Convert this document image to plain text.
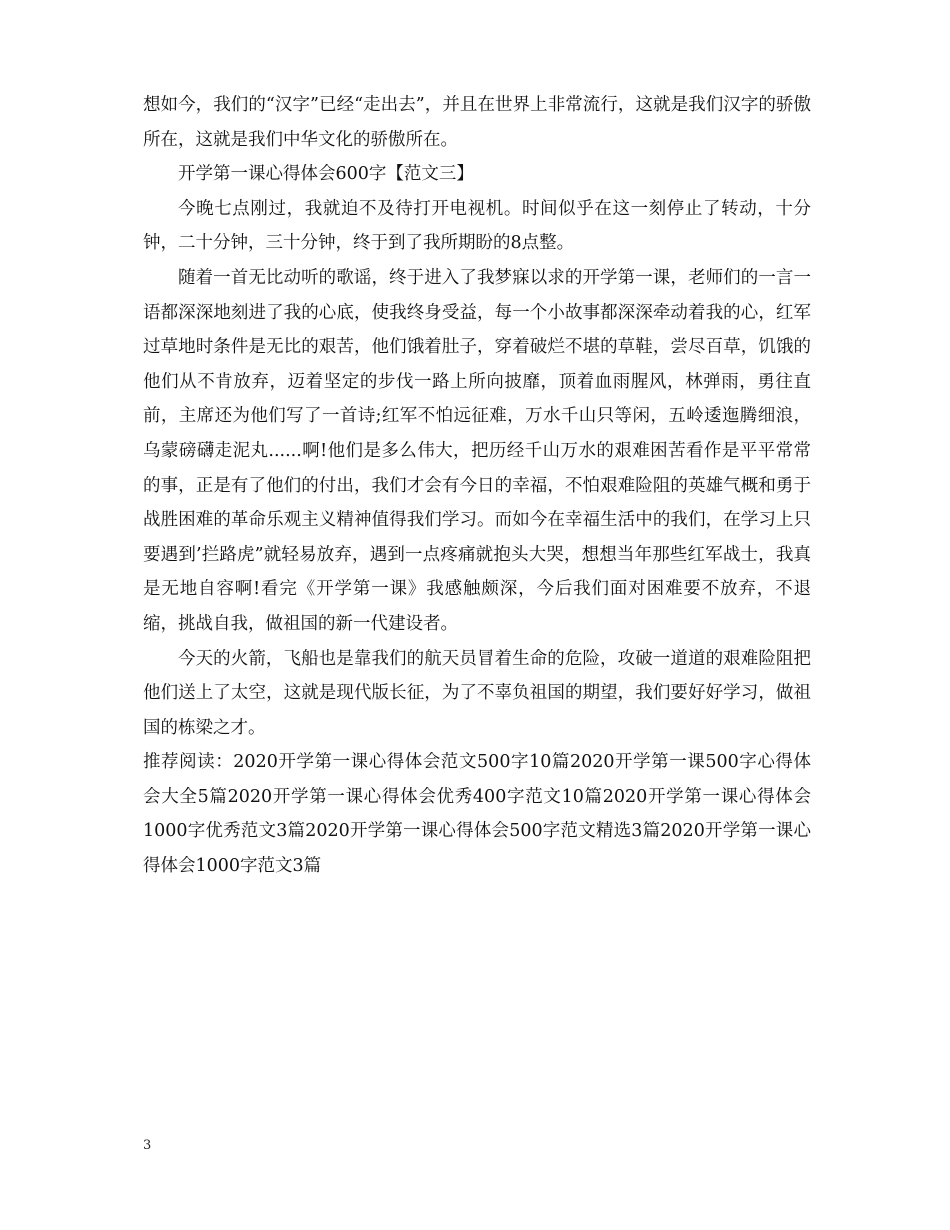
想如今，我们的“汉字”已经“走出去”，并且在世界上非常流行，这就是我们汉字的骄傲所在，这就是我们中华文化的骄傲所在。

开学第一课心得体会600字【范文三】

今晚七点刚过，我就迫不及待打开电视机。时间似乎在这一刻停止了转动，十分钟，二十分钟，三十分钟，终于到了我所期盼的8点整。

随着一首无比动听的歌谣，终于进入了我梦寐以求的开学第一课，老师们的一言一语都深深地刻进了我的心底，使我终身受益，每一个小故事都深深牵动着我的心，红军过草地时条件是无比的艰苦，他们饿着肚子，穿着破烂不堪的草鞋，尝尽百草，饥饿的他们从不肯放弃，迈着坚定的步伐一路上所向披靡，顶着血雨腥风，林弹雨，勇往直前，主席还为他们写了一首诗;红军不怕远征难，万水千山只等闲，五岭逶迤腾细浪，乌蒙磅礴走泥丸......啊!他们是多么伟大，把历经千山万水的艰难困苦看作是平平常常的事，正是有了他们的付出，我们才会有今日的幸福，不怕艰难险阻的英雄气概和勇于战胜困难的革命乐观主义精神值得我们学习。而如今在幸福生活中的我们，在学习上只要遇到’拦路虎”就轻易放弃，遇到一点疼痛就抱头大哭，想想当年那些红军战士，我真是无地自容啊!看完《开学第一课》我感触颇深，今后我们面对困难要不放弃，不退缩，挑战自我，做祖国的新一代建设者。

今天的火箭，飞船也是靠我们的航天员冒着生命的危险，攻破一道道的艰难险阻把他们送上了太空，这就是现代版长征，为了不辜负祖国的期望，我们要好好学习，做祖国的栋梁之才。

推荐阅读：2020开学第一课心得体会范文500字10篇2020开学第一课500字心得体会大全5篇2020开学第一课心得体会优秀400字范文10篇2020开学第一课心得体会1000字优秀范文3篇2020开学第一课心得体会500字范文精选3篇2020开学第一课心得体会1000字范文3篇

3
